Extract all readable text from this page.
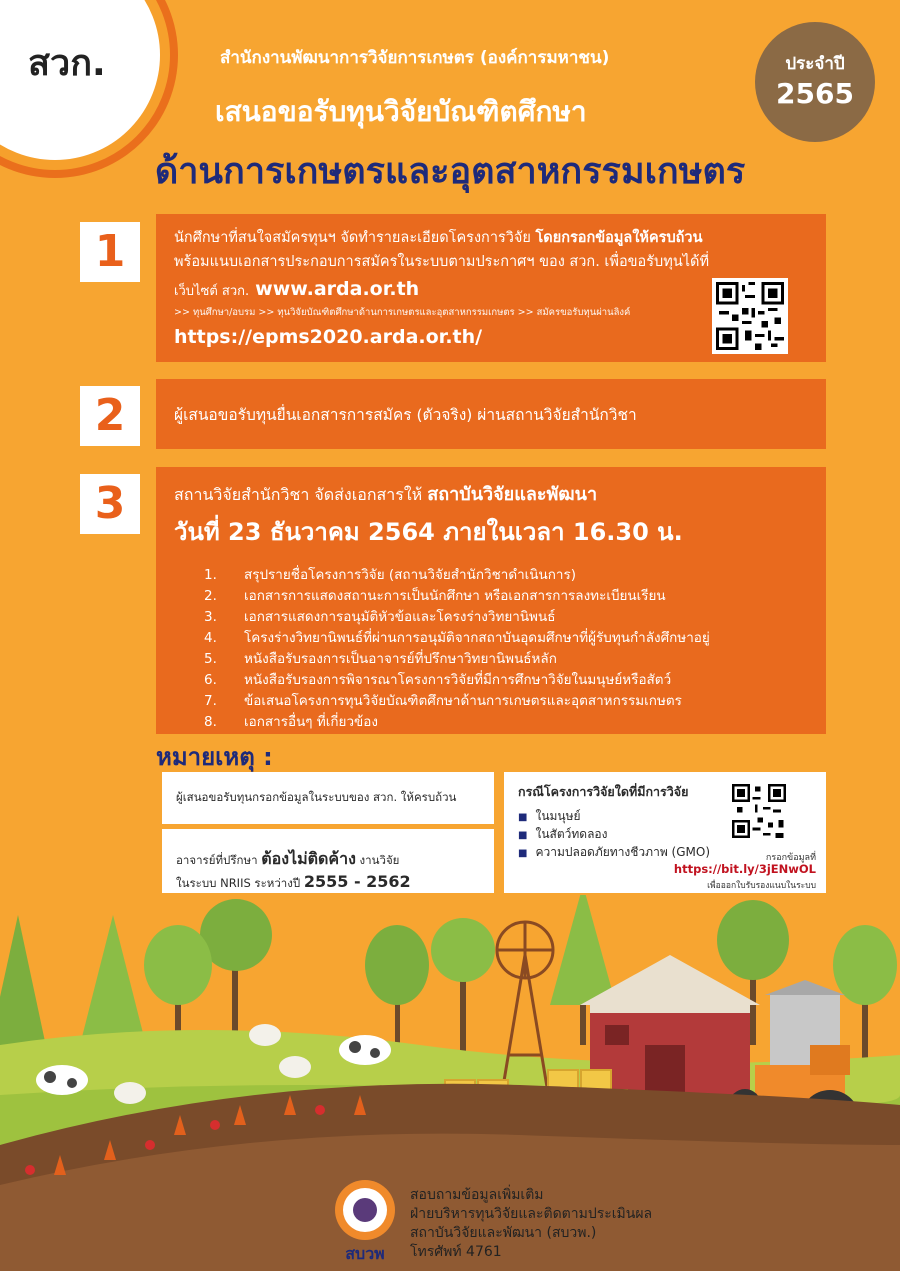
สวก.	สำนักงานพัฒนาการวิจัยการเกษตร (องค์การมหาชน)
เสนอขอรับทุนวิจัยบัณฑิตศึกษา
ด้านการเกษตรและอุตสาหกรรมเกษตร
ประจำปี
2565
1	นักศึกษาที่สนใจสมัครทุนฯ จัดทำรายละเอียดโครงการวิจัย โดยกรอกข้อมูลให้ครบถ้วน
พร้อมแนบเอกสารประกอบการสมัครในระบบตามประกาศฯ ของ สวก. เพื่อขอรับทุนได้ที่
เว็บไซต์ สวก. www.arda.or.th
>> ทุนศึกษา/อบรม >> ทุนวิจัยบัณฑิตศึกษาด้านการเกษตรและอุตสาหกรรมเกษตร >> สมัครขอรับทุนผ่านลิงค์
https://epms2020.arda.or.th/
2	ผู้เสนอขอรับทุนยื่นเอกสารการสมัคร (ตัวจริง) ผ่านสถานวิจัยสำนักวิชา
3	สถานวิจัยสำนักวิชา จัดส่งเอกสารให้ สถาบันวิจัยและพัฒนา
วันที่ 23 ธันวาคม 2564 ภายในเวลา 16.30 น.
1.	สรุปรายชื่อโครงการวิจัย (สถานวิจัยสำนักวิชาดำเนินการ)
2.	เอกสารการแสดงสถานะการเป็นนักศึกษา หรือเอกสารการลงทะเบียนเรียน
3.	เอกสารแสดงการอนุมัติหัวข้อและโครงร่างวิทยานิพนธ์
4.	โครงร่างวิทยานิพนธ์ที่ผ่านการอนุมัติจากสถาบันอุดมศึกษาที่ผู้รับทุนกำลังศึกษาอยู่
5.	หนังสือรับรองการเป็นอาจารย์ที่ปรึกษาวิทยานิพนธ์หลัก
6.	หนังสือรับรองการพิจารณาโครงการวิจัยที่มีการศึกษาวิจัยในมนุษย์หรือสัตว์
7.	ข้อเสนอโครงการทุนวิจัยบัณฑิตศึกษาด้านการเกษตรและอุตสาหกรรมเกษตร
8.	เอกสารอื่นๆ ที่เกี่ยวข้อง
หมายเหตุ :
ผู้เสนอขอรับทุนกรอกข้อมูลในระบบของ สวก. ให้ครบถ้วน
อาจารย์ที่ปรึกษา ต้องไม่ติดค้าง งานวิจัย
ในระบบ NRIIS ระหว่างปี 2555 - 2562
กรณีโครงการวิจัยใดที่มีการวิจัย
■ ในมนุษย์
■ ในสัตว์ทดลอง
■ ความปลอดภัยทางชีวภาพ (GMO)	กรอกข้อมูลที่
https://bit.ly/3jENwOL
เพื่อออกใบรับรองแนบในระบบ
สบวพ
สอบถามข้อมูลเพิ่มเติม
ฝ่ายบริหารทุนวิจัยและติดตามประเมินผล
สถาบันวิจัยและพัฒนา (สบวพ.)
โทรศัพท์ 4761
